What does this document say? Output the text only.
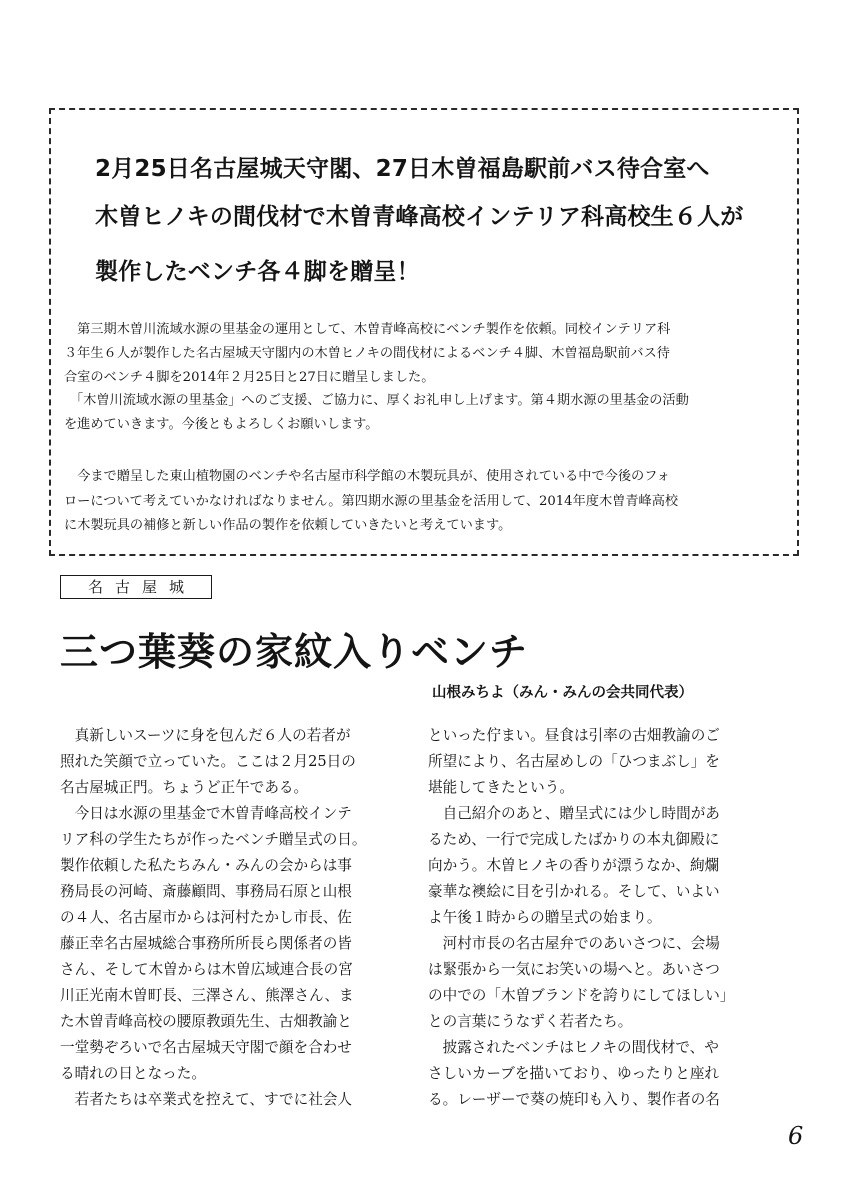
2月25日名古屋城天守閣、27日木曽福島駅前バス待合室へ
木曽ヒノキの間伐材で木曽青峰高校インテリア科高校生６人が
製作したベンチ各４脚を贈呈！
　第三期木曽川流域水源の里基金の運用として、木曽青峰高校にベンチ製作を依頼。同校インテリア科
３年生６人が製作した名古屋城天守閣内の木曽ヒノキの間伐材によるベンチ４脚、木曽福島駅前バス待
合室のベンチ４脚を2014年２月25日と27日に贈呈しました。
「木曽川流域水源の里基金」へのご支援、ご協力に、厚くお礼申し上げます。第４期水源の里基金の活動
を進めていきます。今後ともよろしくお願いします。
　今まで贈呈した東山植物園のベンチや名古屋市科学館の木製玩具が、使用されている中で今後のフォ
ローについて考えていかなければなりません。第四期水源の里基金を活用して、2014年度木曽青峰高校
に木製玩具の補修と新しい作品の製作を依頼していきたいと考えています。
名古屋城
三つ葉葵の家紋入りベンチ
山根みちよ（みん・みんの会共同代表）
　真新しいスーツに身を包んだ６人の若者が
照れた笑顔で立っていた。ここは２月25日の
名古屋城正門。ちょうど正午である。
　今日は水源の里基金で木曽青峰高校インテ
リア科の学生たちが作ったベンチ贈呈式の日。
製作依頼した私たちみん・みんの会からは事
務局長の河崎、斎藤顧問、事務局石原と山根
の４人、名古屋市からは河村たかし市長、佐
藤正幸名古屋城総合事務所所長ら関係者の皆
さん、そして木曽からは木曽広域連合長の宮
川正光南木曽町長、三澤さん、熊澤さん、ま
た木曽青峰高校の腰原教頭先生、古畑教諭と
一堂勢ぞろいで名古屋城天守閣で顔を合わせ
る晴れの日となった。
　若者たちは卒業式を控えて、すでに社会人
といった佇まい。昼食は引率の古畑教諭のご
所望により、名古屋めしの「ひつまぶし」を
堪能してきたという。
　自己紹介のあと、贈呈式には少し時間があ
るため、一行で完成したばかりの本丸御殿に
向かう。木曽ヒノキの香りが漂うなか、絢爛
豪華な襖絵に目を引かれる。そして、いよい
よ午後１時からの贈呈式の始まり。
　河村市長の名古屋弁でのあいさつに、会場
は緊張から一気にお笑いの場へと。あいさつ
の中での「木曽ブランドを誇りにしてほしい」
との言葉にうなずく若者たち。
　披露されたベンチはヒノキの間伐材で、や
さしいカーブを描いており、ゆったりと座れ
る。レーザーで葵の焼印も入り、製作者の名
6
